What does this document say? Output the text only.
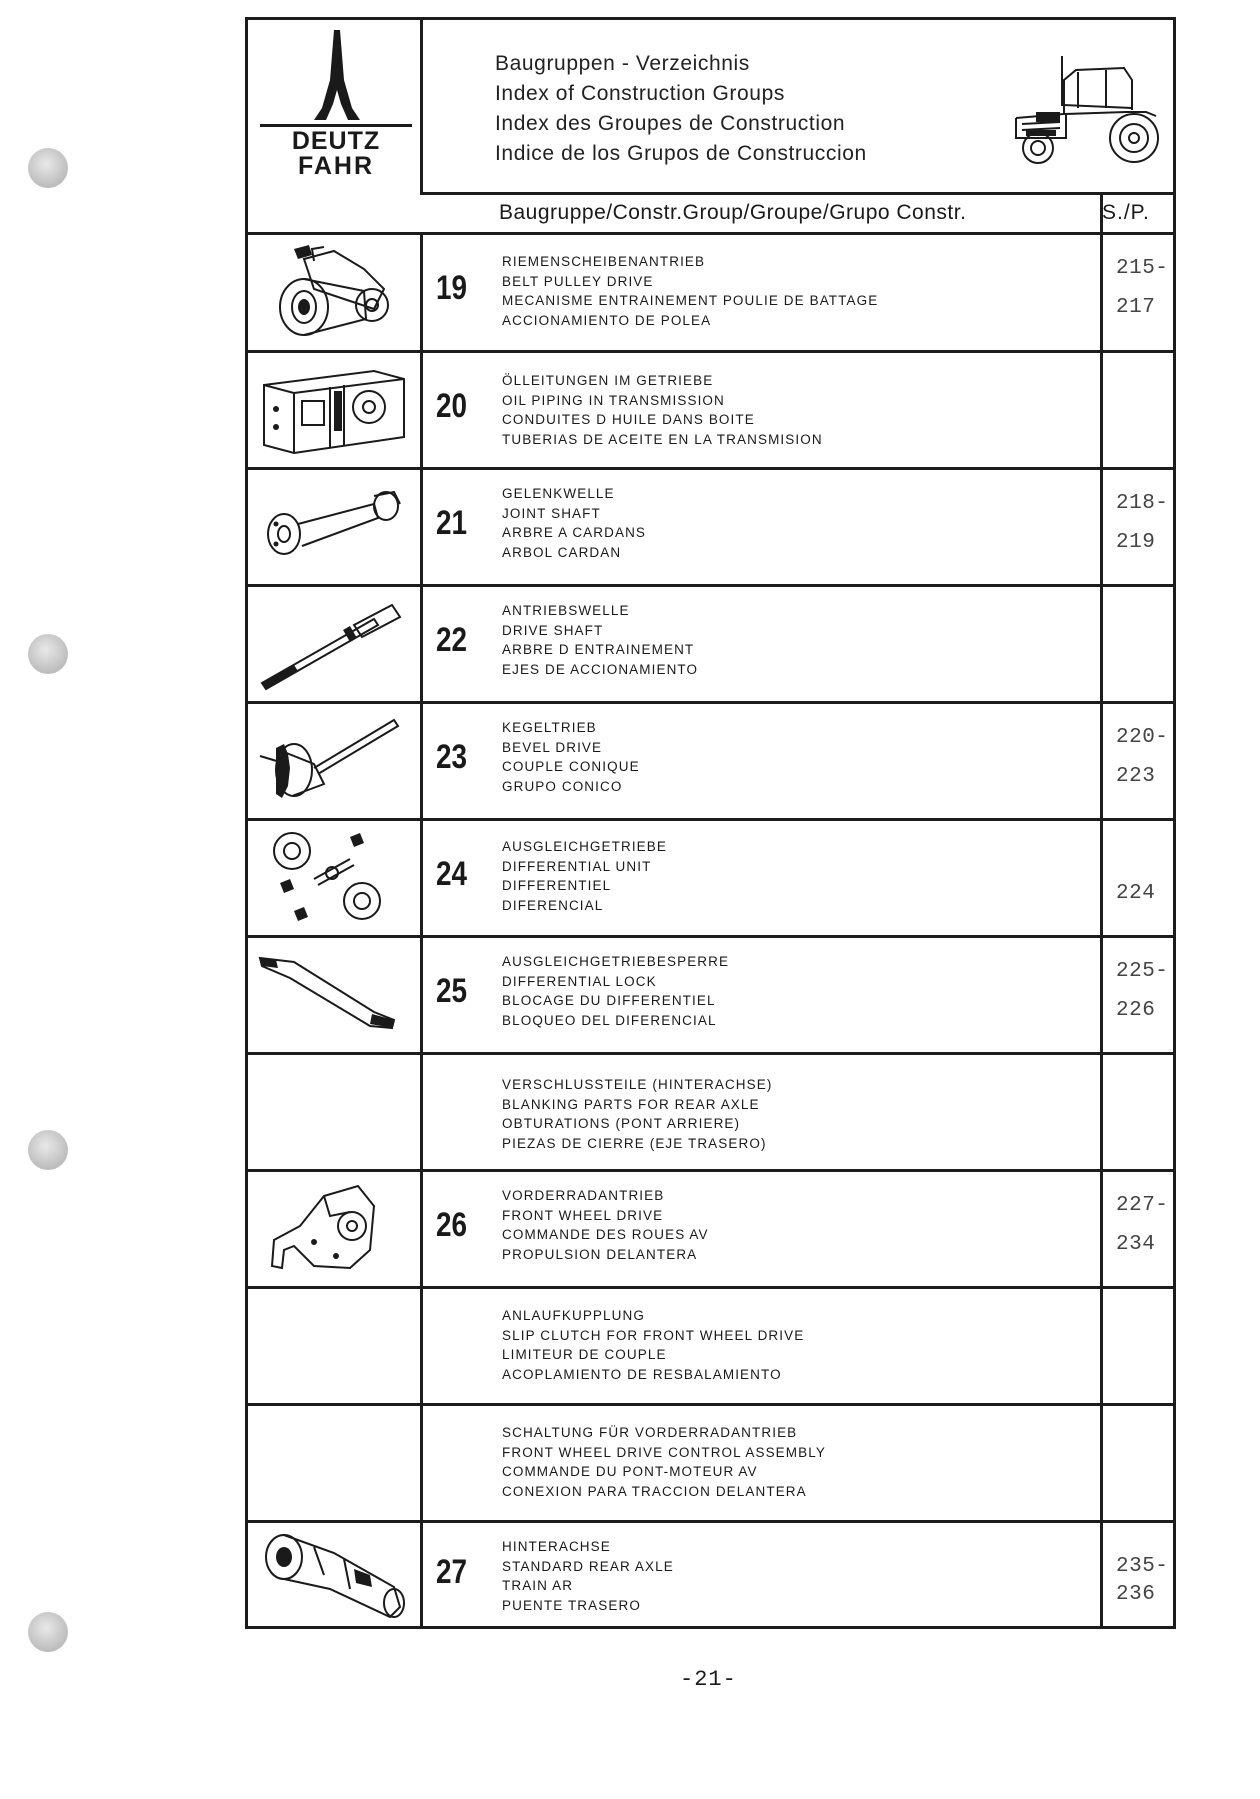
DEUTZ
FAHR
Baugruppen - Verzeichnis
Index of Construction Groups
Index des Groupes de Construction
Indice de los Grupos de Construccion
Baugruppe/Constr.Group/Groupe/Grupo Constr.	S./P.
19
RIEMENSCHEIBENANTRIEB
BELT PULLEY DRIVE
MECANISME ENTRAINEMENT POULIE DE BATTAGE
ACCIONAMIENTO DE POLEA
215-
217
20
ÖLLEITUNGEN IM GETRIEBE
OIL PIPING IN TRANSMISSION
CONDUITES D HUILE DANS BOITE
TUBERIAS DE ACEITE EN LA TRANSMISION
21
GELENKWELLE
JOINT SHAFT
ARBRE A CARDANS
ARBOL CARDAN
218-
219
22
ANTRIEBSWELLE
DRIVE SHAFT
ARBRE D ENTRAINEMENT
EJES DE ACCIONAMIENTO
23
KEGELTRIEB
BEVEL DRIVE
COUPLE CONIQUE
GRUPO CONICO
220-
223
24
AUSGLEICHGETRIEBE
DIFFERENTIAL UNIT
DIFFERENTIEL
DIFERENCIAL	224
25
AUSGLEICHGETRIEBESPERRE
DIFFERENTIAL LOCK
BLOCAGE DU DIFFERENTIEL
BLOQUEO DEL DIFERENCIAL
225-
226
VERSCHLUSSTEILE (HINTERACHSE)
BLANKING PARTS FOR REAR AXLE
OBTURATIONS (PONT ARRIERE)
PIEZAS DE CIERRE (EJE TRASERO)
26
VORDERRADANTRIEB
FRONT WHEEL DRIVE
COMMANDE DES ROUES AV
PROPULSION DELANTERA
227-
234
ANLAUFKUPPLUNG
SLIP CLUTCH FOR FRONT WHEEL DRIVE
LIMITEUR DE COUPLE
ACOPLAMIENTO DE RESBALAMIENTO
SCHALTUNG FÜR VORDERRADANTRIEB
FRONT WHEEL DRIVE CONTROL ASSEMBLY
COMMANDE DU PONT-MOTEUR AV
CONEXION PARA TRACCION DELANTERA
27
HINTERACHSE
STANDARD REAR AXLE
TRAIN AR
PUENTE TRASERO
235-
236
-21-
